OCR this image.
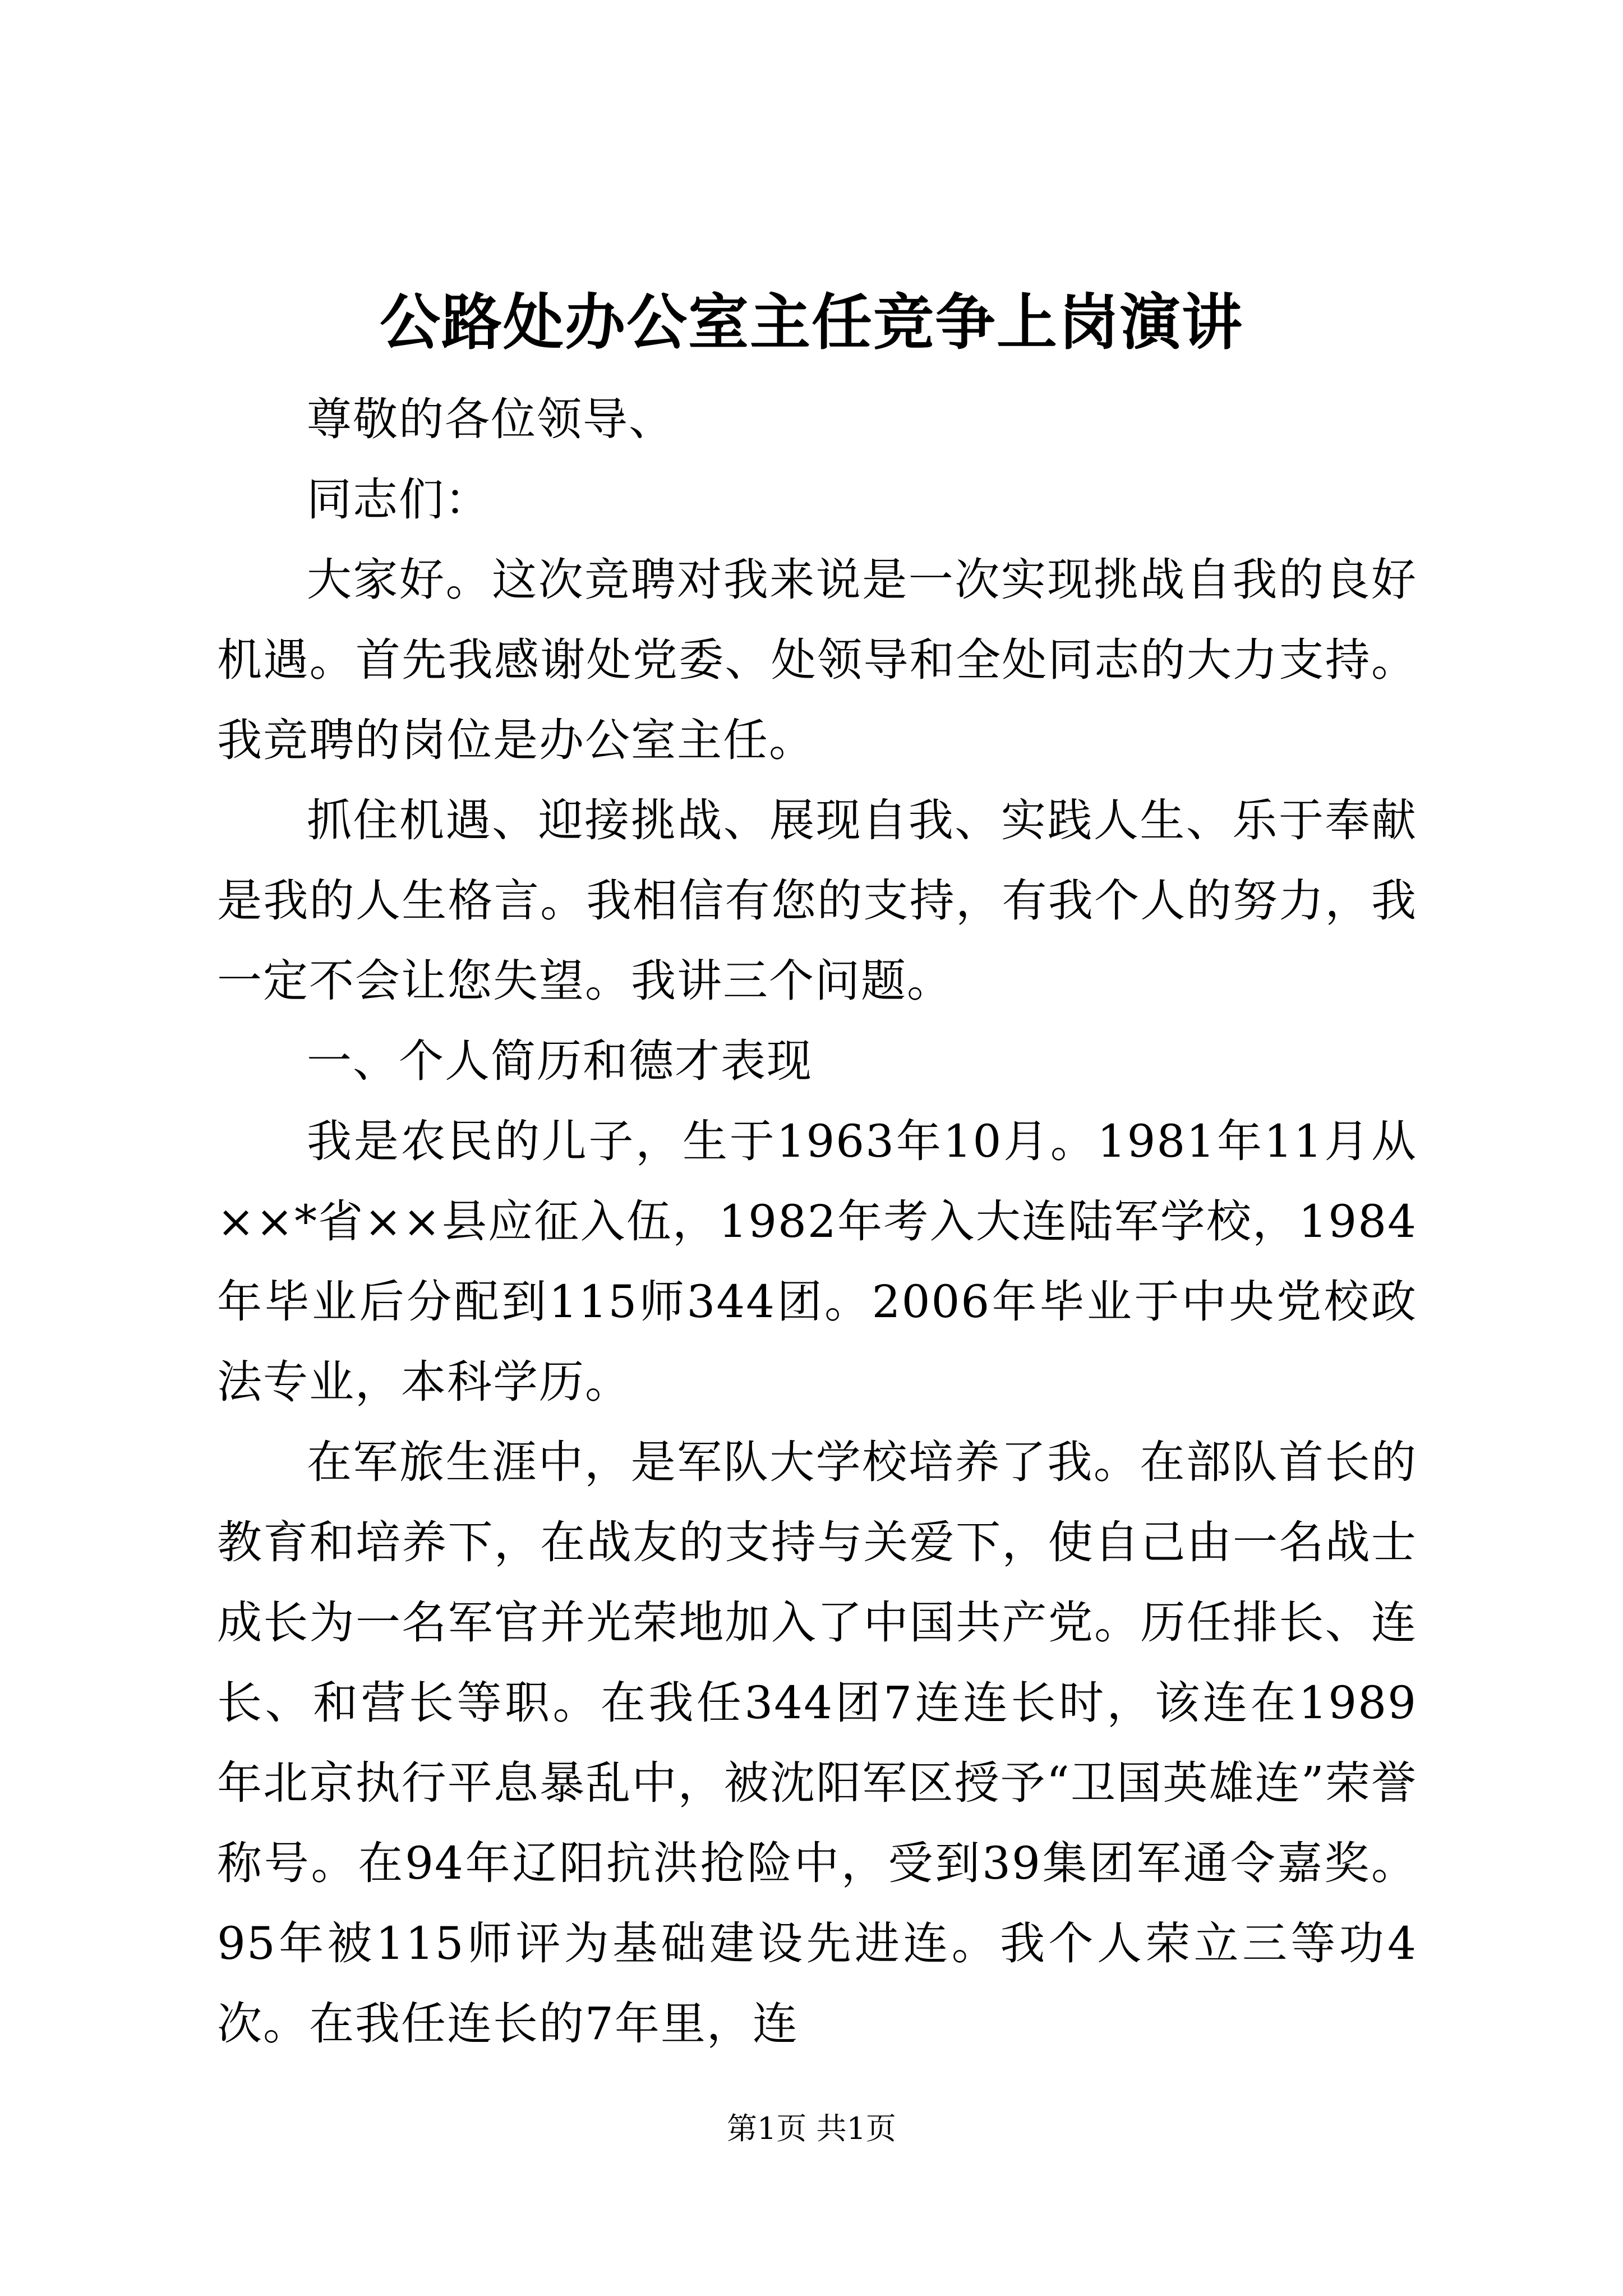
公路处办公室主任竞争上岗演讲

尊敬的各位领导、

同志们：

大家好。这次竞聘对我来说是一次实现挑战自我的良好机遇。首先我感谢处党委、处领导和全处同志的大力支持。我竞聘的岗位是办公室主任。

抓住机遇、迎接挑战、展现自我、实践人生、乐于奉献是我的人生格言。我相信有您的支持，有我个人的努力，我一定不会让您失望。我讲三个问题。

一、个人简历和德才表现

我是农民的儿子，生于1963年10月。1981年11月从××*省××县应征入伍，1982年考入大连陆军学校，1984年毕业后分配到115师344团。2006年毕业于中央党校政法专业，本科学历。

在军旅生涯中，是军队大学校培养了我。在部队首长的教育和培养下，在战友的支持与关爱下，使自己由一名战士成长为一名军官并光荣地加入了中国共产党。历任排长、连长、和营长等职。在我任344团7连连长时，该连在1989年北京执行平息暴乱中，被沈阳军区授予“卫国英雄连”荣誉称号。在94年辽阳抗洪抢险中，受到39集团军通令嘉奖。95年被115师评为基础建设先进连。我个人荣立三等功4次。在我任连长的7年里，连

第1页 共1页
